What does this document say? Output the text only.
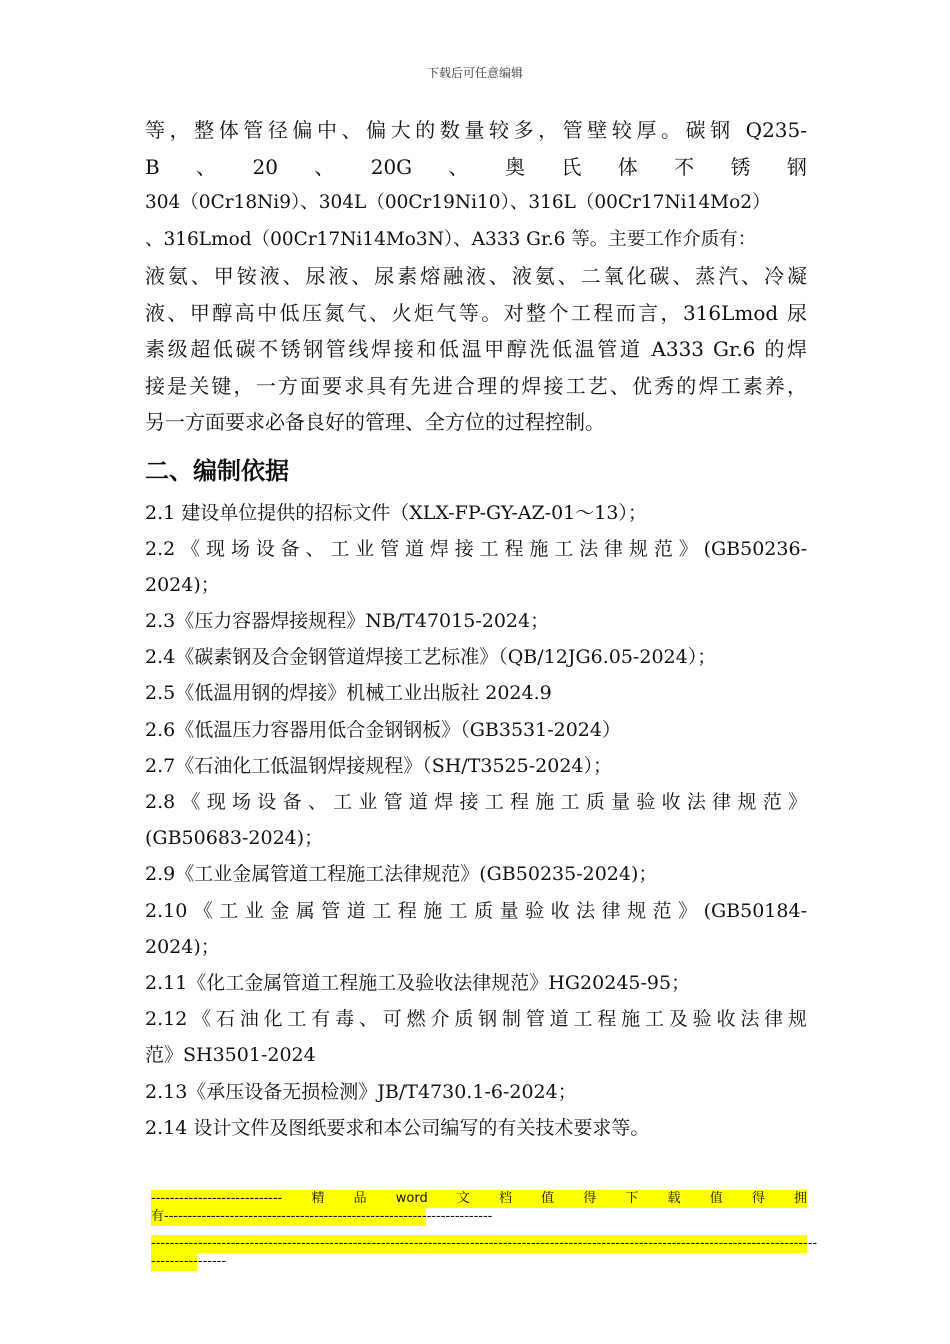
下载后可任意编辑
等，整体管径偏中、偏大的数量较多，管壁较厚。碳钢 Q235-
B 、 20 、 20G 、 奥 氏 体 不 锈 钢
304（0Cr18Ni9）、304L（00Cr19Ni10）、316L（00Cr17Ni14Mo2）
、316Lmod（00Cr17Ni14Mo3N）、A333 Gr.6 等。主要工作介质有：
液氨、甲铵液、尿液、尿素熔融液、液氨、二氧化碳、蒸汽、冷凝
液、甲醇高中低压氮气、火炬气等。对整个工程而言，316Lmod 尿
素级超低碳不锈钢管线焊接和低温甲醇洗低温管道 A333 Gr.6 的焊
接是关键，一方面要求具有先进合理的焊接工艺、优秀的焊工素养，
另一方面要求必备良好的管理、全方位的过程控制。
二、编制依据
2.1 建设单位提供的招标文件（XLX-FP-GY-AZ-01～13）；
2.2《现场设备、工业管道焊接工程施工法律规范》(GB50236-
2024)；
2.3《压力容器焊接规程》NB/T47015-2024；
2.4《碳素钢及合金钢管道焊接工艺标准》（QB/12JG6.05-2024）；
2.5《低温用钢的焊接》机械工业出版社 2024.9
2.6《低温压力容器用低合金钢钢板》（GB3531-2024）
2.7《石油化工低温钢焊接规程》（SH/T3525-2024）；
2.8《现场设备、工业管道焊接工程施工质量验收法律规范》
(GB50683-2024)；
2.9《工业金属管道工程施工法律规范》(GB50235-2024)；
2.10《工业金属管道工程施工质量验收法律规范》(GB50184-
2024)；
2.11《化工金属管道工程施工及验收法律规范》HG20245-95；
2.12《石油化工有毒、可燃介质钢制管道工程施工及验收法律规
范》SH3501-2024
2.13《承压设备无损检测》JB/T4730.1-6-2024；
2.14 设计文件及图纸要求和本公司编写的有关技术要求等。
---------------------------- 精 品 word 文 档 值 得 下 载 值 得 拥
有----------------------------------------------------------------------
----------------------------------------------------------------------------------------------------------------------------------------------
----------------
